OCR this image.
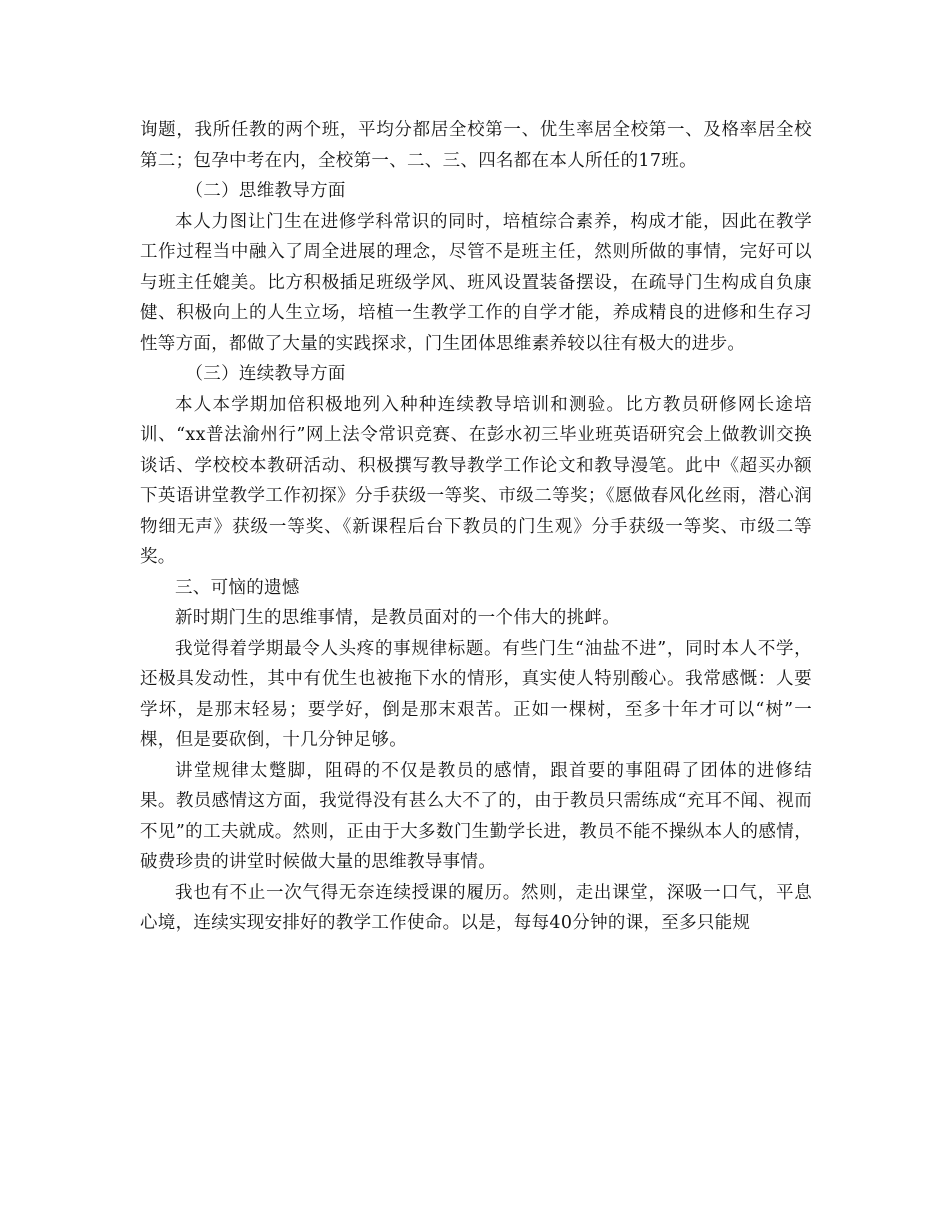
询题，我所任教的两个班，平均分都居全校第一、优生率居全校第一、及格率居全校第二；包孕中考在内，全校第一、二、三、四名都在本人所任的17班。

（二）思维教导方面

本人力图让门生在进修学科常识的同时，培植综合素养，构成才能，因此在教学工作过程当中融入了周全进展的理念，尽管不是班主任，然则所做的事情，完好可以与班主任媲美。比方积极插足班级学风、班风设置装备摆设，在疏导门生构成自负康健、积极向上的人生立场，培植一生教学工作的自学才能，养成精良的进修和生存习性等方面，都做了大量的实践探求，门生团体思维素养较以往有极大的进步。

（三）连续教导方面

本人本学期加倍积极地列入种种连续教导培训和测验。比方教员研修网长途培训、“xx普法渝州行”网上法令常识竞赛、在彭水初三毕业班英语研究会上做教训交换谈话、学校校本教研活动、积极撰写教导教学工作论文和教导漫笔。此中《超买办额下英语讲堂教学工作初探》分手获级一等奖、市级二等奖；《愿做春风化丝雨，潜心润物细无声》获级一等奖、《新课程后台下教员的门生观》分手获级一等奖、市级二等奖。

三、可恼的遗憾

新时期门生的思维事情，是教员面对的一个伟大的挑衅。

我觉得着学期最令人头疼的事规律标题。有些门生“油盐不进”，同时本人不学，还极具发动性，其中有优生也被拖下水的情形，真实使人特别酸心。我常感慨：人要学坏，是那末轻易；要学好，倒是那末艰苦。正如一棵树，至多十年才可以“树”一棵，但是要砍倒，十几分钟足够。

讲堂规律太蹩脚，阻碍的不仅是教员的感情，跟首要的事阻碍了团体的进修结果。教员感情这方面，我觉得没有甚么大不了的，由于教员只需练成“充耳不闻、视而不见”的工夫就成。然则，正由于大多数门生勤学长进，教员不能不操纵本人的感情，破费珍贵的讲堂时候做大量的思维教导事情。

我也有不止一次气得无奈连续授课的履历。然则，走出课堂，深吸一口气，平息心境，连续实现安排好的教学工作使命。以是，每每40分钟的课，至多只能规
